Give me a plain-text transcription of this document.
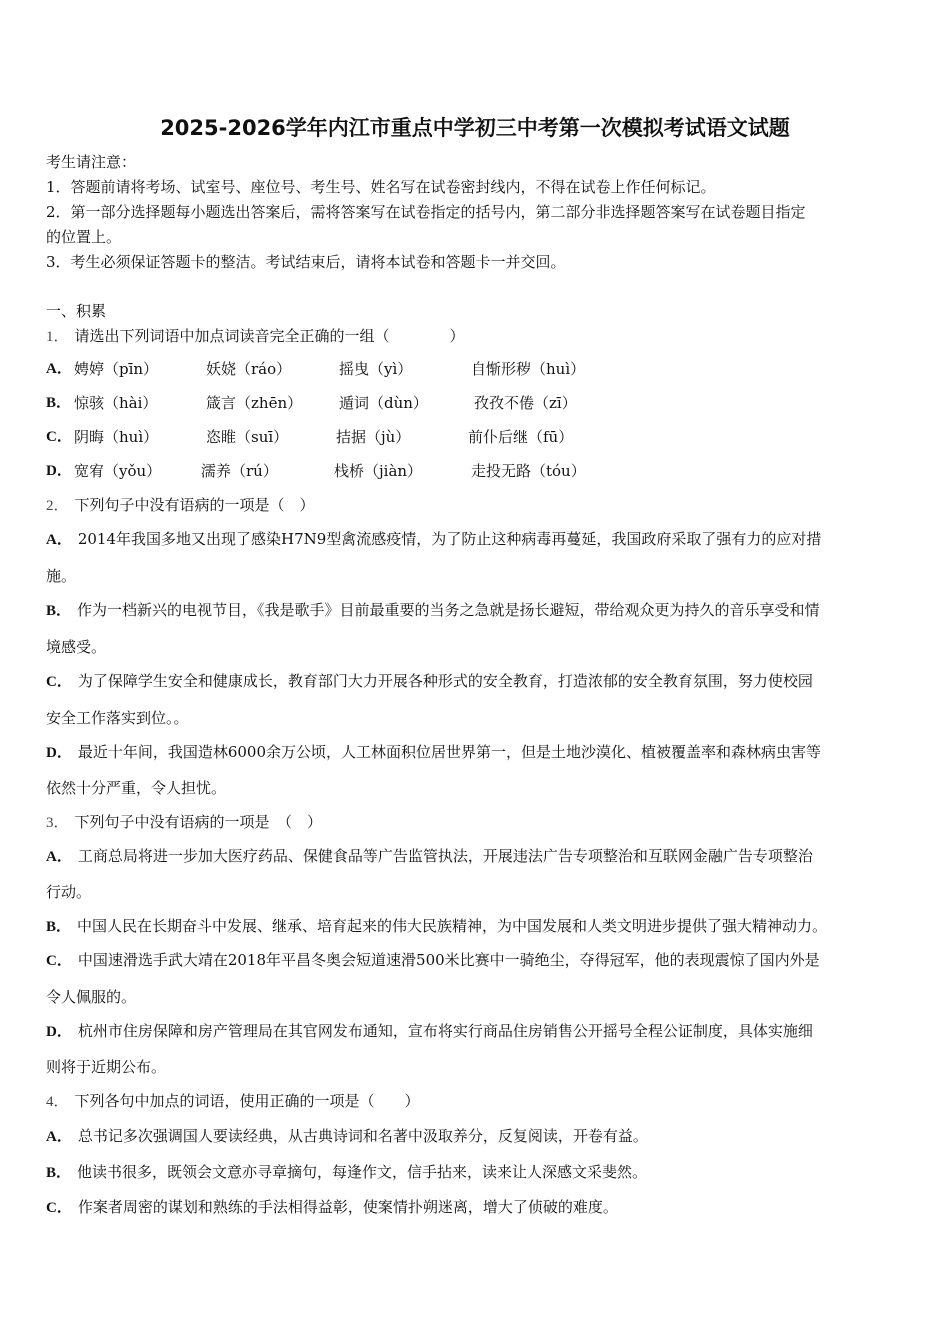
2025-2026学年内江市重点中学初三中考第一次模拟考试语文试题
考生请注意：
1．答题前请将考场、试室号、座位号、考生号、姓名写在试卷密封线内，不得在试卷上作任何标记。
2．第一部分选择题每小题选出答案后，需将答案写在试卷指定的括号内，第二部分非选择题答案写在试卷题目指定
的位置上。
3．考生必须保证答题卡的整洁。考试结束后，请将本试卷和答题卡一并交回。
一、积累
1． 请选出下列词语中加点词读音完全正确的一组（　　　　）
A． 娉婷（pīn）	妖娆（ráo）	摇曳（yì）	自惭形秽（huì）
B． 惊骇（hài）	箴言（zhēn） 遁词（dùn）	孜孜不倦（zī）
C． 阴晦（huì）	恣睢（suī）	拮据（jù）	前仆后继（fū）
D． 宽宥（yǒu）	濡养（rú）	栈桥（jiàn）	走投无路（tóu）
2． 下列句子中没有语病的一项是（　）
A． 2014年我国多地又出现了感染H7N9型禽流感疫情，为了防止这种病毒再蔓延，我国政府采取了强有力的应对措
施。
B． 作为一档新兴的电视节目，《我是歌手》目前最重要的当务之急就是扬长避短，带给观众更为持久的音乐享受和情
境感受。
C． 为了保障学生安全和健康成长，教育部门大力开展各种形式的安全教育，打造浓郁的安全教育氛围，努力使校园
安全工作落实到位。。
D． 最近十年间，我国造林6000余万公顷，人工林面积位居世界第一，但是土地沙漠化、植被覆盖率和森林病虫害等
依然十分严重，令人担忧。
3． 下列句子中没有语病的一项是　（　）
A． 工商总局将进一步加大医疗药品、保健食品等广告监管执法，开展违法广告专项整治和互联网金融广告专项整治
行动。
B． 中国人民在长期奋斗中发展、继承、培育起来的伟大民族精神，为中国发展和人类文明进步提供了强大精神动力。
C． 中国速滑选手武大靖在2018年平昌冬奥会短道速滑500米比赛中一骑绝尘，夺得冠军，他的表现震惊了国内外是
令人佩服的。
D． 杭州市住房保障和房产管理局在其官网发布通知，宣布将实行商品住房销售公开摇号全程公证制度，具体实施细
则将于近期公布。
4． 下列各句中加点的词语，使用正确的一项是（　　）
A． 总书记多次强调国人要读经典，从古典诗词和名著中汲取养分，反复阅读，开卷有益。
B． 他读书很多，既领会文意亦寻章摘句，每逢作文，信手拈来，读来让人深感文采斐然。
C． 作案者周密的谋划和熟练的手法相得益彰，使案情扑朔迷离，增大了侦破的难度。
